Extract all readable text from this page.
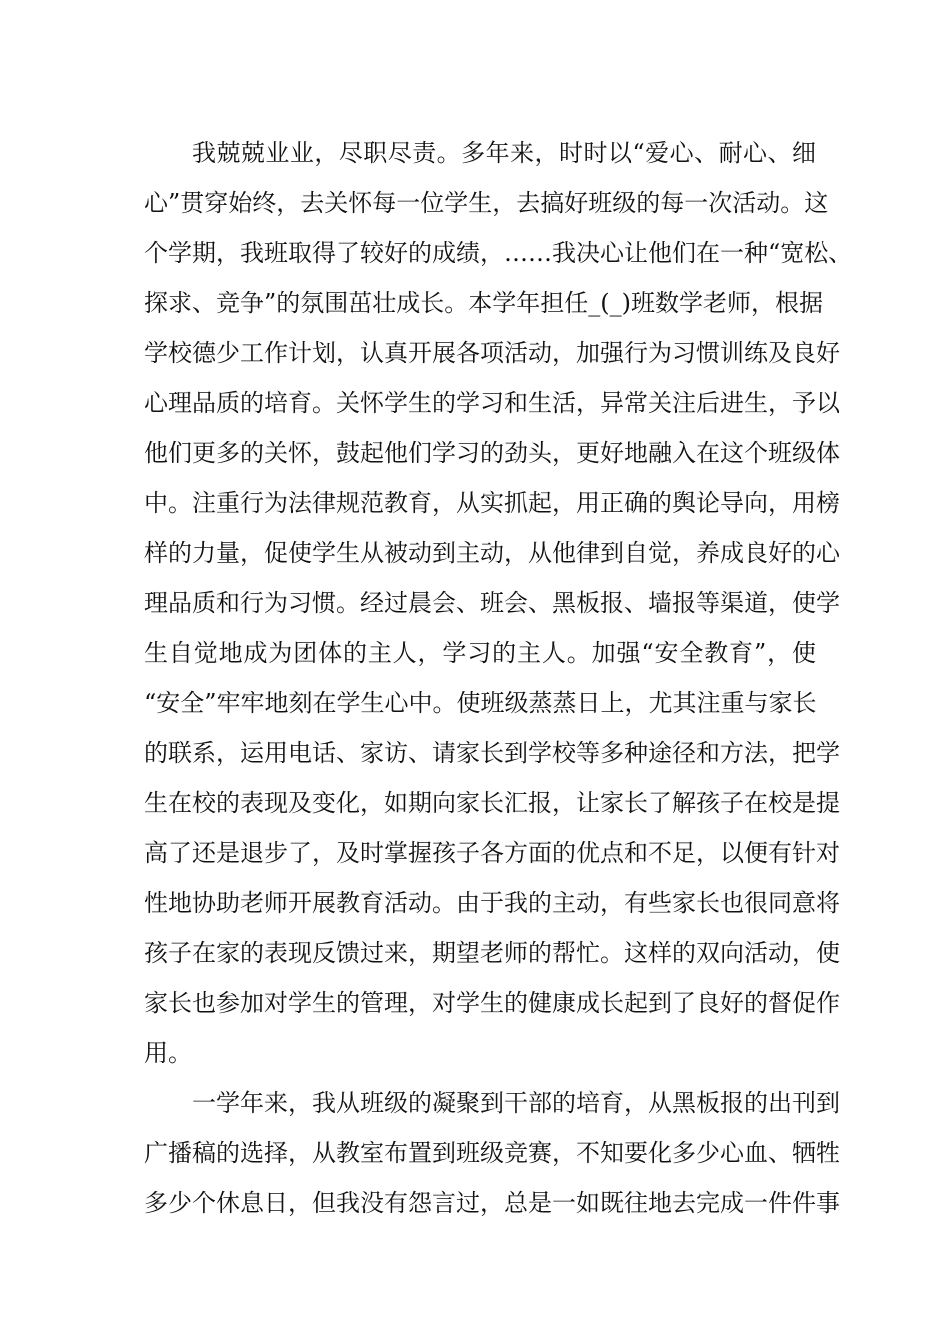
我兢兢业业，尽职尽责。多年来，时时以“爱心、耐心、细
心”贯穿始终，去关怀每一位学生，去搞好班级的每一次活动。这
个学期，我班取得了较好的成绩，……我决心让他们在一种“宽松、
探求、竞争”的氛围茁壮成长。本学年担任_(_)班数学老师，根据
学校德少工作计划，认真开展各项活动，加强行为习惯训练及良好
心理品质的培育。关怀学生的学习和生活，异常关注后进生，予以
他们更多的关怀，鼓起他们学习的劲头，更好地融入在这个班级体
中。注重行为法律规范教育，从实抓起，用正确的舆论导向，用榜
样的力量，促使学生从被动到主动，从他律到自觉，养成良好的心
理品质和行为习惯。经过晨会、班会、黑板报、墙报等渠道，使学
生自觉地成为团体的主人，学习的主人。加强“安全教育”，使
“安全”牢牢地刻在学生心中。使班级蒸蒸日上，尤其注重与家长
的联系，运用电话、家访、请家长到学校等多种途径和方法，把学
生在校的表现及变化，如期向家长汇报，让家长了解孩子在校是提
高了还是退步了，及时掌握孩子各方面的优点和不足，以便有针对
性地协助老师开展教育活动。由于我的主动，有些家长也很同意将
孩子在家的表现反馈过来，期望老师的帮忙。这样的双向活动，使
家长也参加对学生的管理，对学生的健康成长起到了良好的督促作
用。
一学年来，我从班级的凝聚到干部的培育，从黑板报的出刊到
广播稿的选择，从教室布置到班级竞赛，不知要化多少心血、牺牲
多少个休息日，但我没有怨言过，总是一如既往地去完成一件件事
